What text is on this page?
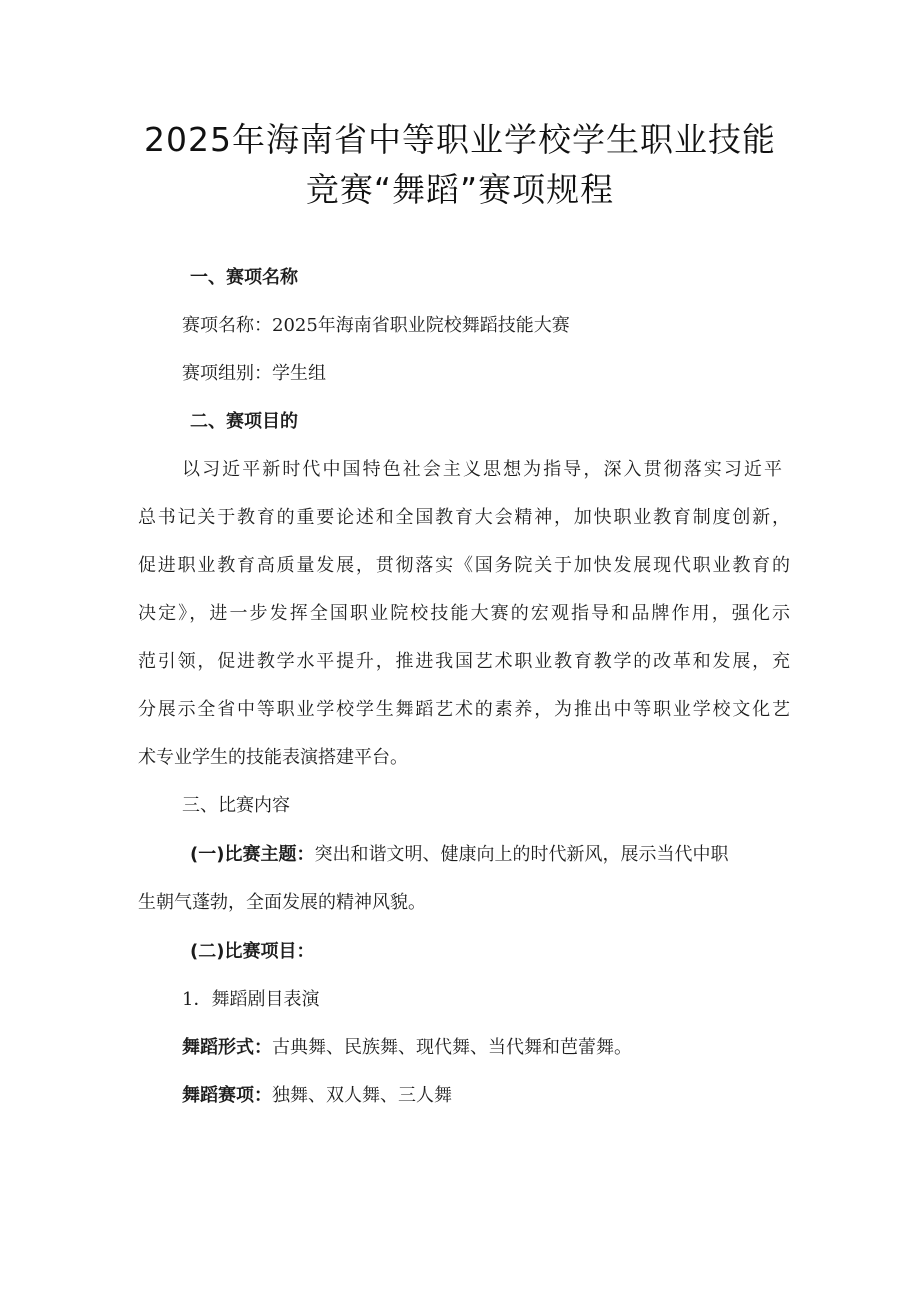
2025年海南省中等职业学校学生职业技能
竞赛“舞蹈”赛项规程
一、赛项名称
赛项名称：2025年海南省职业院校舞蹈技能大赛
赛项组别：学生组
二、赛项目的
以习近平新时代中国特色社会主义思想为指导，深入贯彻落实习近平
总书记关于教育的重要论述和全国教育大会精神，加快职业教育制度创新，
促进职业教育高质量发展，贯彻落实《国务院关于加快发展现代职业教育的
决定》，进一步发挥全国职业院校技能大赛的宏观指导和品牌作用，强化示
范引领，促进教学水平提升，推进我国艺术职业教育教学的改革和发展，充
分展示全省中等职业学校学生舞蹈艺术的素养，为推出中等职业学校文化艺
术专业学生的技能表演搭建平台。
三、比赛内容
(一)比赛主题：突出和谐文明、健康向上的时代新风，展示当代中职
生朝气蓬勃，全面发展的精神风貌。
(二)比赛项目：
1．舞蹈剧目表演
舞蹈形式：古典舞、民族舞、现代舞、当代舞和芭蕾舞。
舞蹈赛项：独舞、双人舞、三人舞
